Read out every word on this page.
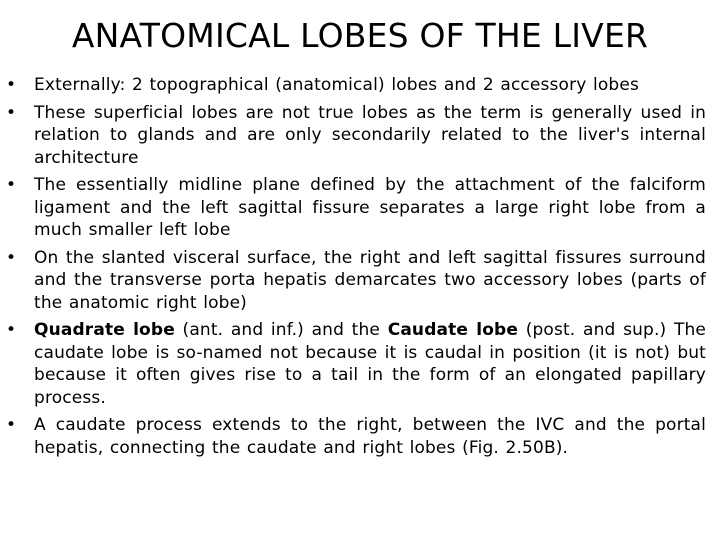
ANATOMICAL LOBES OF THE LIVER
• Externally: 2 topographical (anatomical) lobes and 2 accessory lobes
• These superficial lobes are not true lobes as the term is generally used in relation to glands and are only secondarily related to the liver's internal architecture
• The essentially midline plane defined by the attachment of the falciform ligament and the left sagittal fissure separates a large right lobe from a much smaller left lobe
• On the slanted visceral surface, the right and left sagittal fissures surround and the transverse porta hepatis demarcates two accessory lobes (parts of the anatomic right lobe)
• Quadrate lobe (ant. and inf.) and the Caudate lobe (post. and sup.) The caudate lobe is so-named not because it is caudal in position (it is not) but because it often gives rise to a tail in the form of an elongated papillary process.
• A caudate process extends to the right, between the IVC and the portal hepatis, connecting the caudate and right lobes (Fig. 2.50B).
